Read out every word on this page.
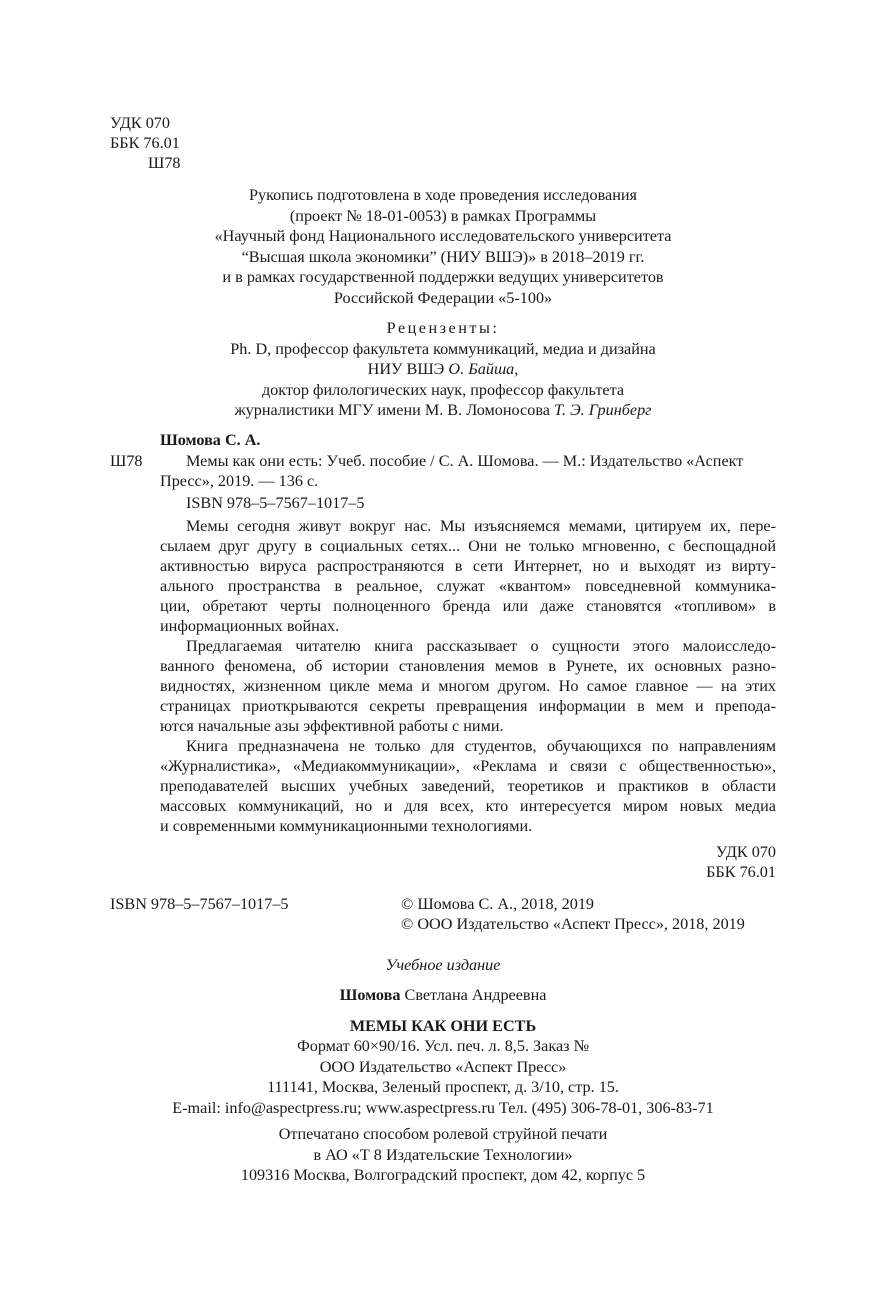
УДК 070
ББК 76.01
Ш78
Рукопись подготовлена в ходе проведения исследования
(проект № 18-01-0053) в рамках Программы
«Научный фонд Национального исследовательского университета
“Высшая школа экономики” (НИУ ВШЭ)» в 2018–2019 гг.
и в рамках государственной поддержки ведущих университетов
Российской Федерации «5-100»
Рецензенты:
Ph. D, профессор факультета коммуникаций, медиа и дизайна
НИУ ВШЭ О. Байша,
доктор филологических наук, профессор факультета
журналистики МГУ имени М. В. Ломоносова Т. Э. Гринберг
Шомова С. А.
Ш78	Мемы как они есть: Учеб. пособие / С. А. Шомова. — М.: Издательство «Аспект
Пресс», 2019. — 136 с.
ISBN 978–5–7567–1017–5
Мемы сегодня живут вокруг нас. Мы изъясняемся мемами, цитируем их, пере-
сылаем друг другу в социальных сетях... Они не только мгновенно, с беспощадной
активностью вируса распространяются в сети Интернет, но и выходят из вирту-
ального пространства в реальное, служат «квантом» повседневной коммуника-
ции, обретают черты полноценного бренда или даже становятся «топливом» в
информационных войнах.
Предлагаемая читателю книга рассказывает о сущности этого малоисследо-
ванного феномена, об истории становления мемов в Рунете, их основных разно-
видностях, жизненном цикле мема и многом другом. Но самое главное — на этих
страницах приоткрываются секреты превращения информации в мем и препода-
ются начальные азы эффективной работы с ними.
Книга предназначена не только для студентов, обучающихся по направлениям
«Журналистика», «Медиакоммуникации», «Реклама и связи с общественностью»,
преподавателей высших учебных заведений, теоретиков и практиков в области
массовых коммуникаций, но и для всех, кто интересуется миром новых медиа
и современными коммуникационными технологиями.
УДК 070
ББК 76.01
ISBN 978–5–7567–1017–5	© Шомова С. А., 2018, 2019
© ООО Издательство «Аспект Пресс», 2018, 2019
Учебное издание
Шомова Светлана Андреевна
МЕМЫ КАК ОНИ ЕСТЬ
Формат 60×90/16. Усл. печ. л. 8,5. Заказ №
ООО Издательство «Аспект Пресс»
111141, Москва, Зеленый проспект, д. 3/10, стр. 15.
E-mail: info@aspectpress.ru; www.aspectpress.ru Тел. (495) 306-78-01, 306-83-71
Отпечатано способом ролевой струйной печати
в АО «Т 8 Издательские Технологии»
109316 Москва, Волгоградский проспект, дом 42, корпус 5
